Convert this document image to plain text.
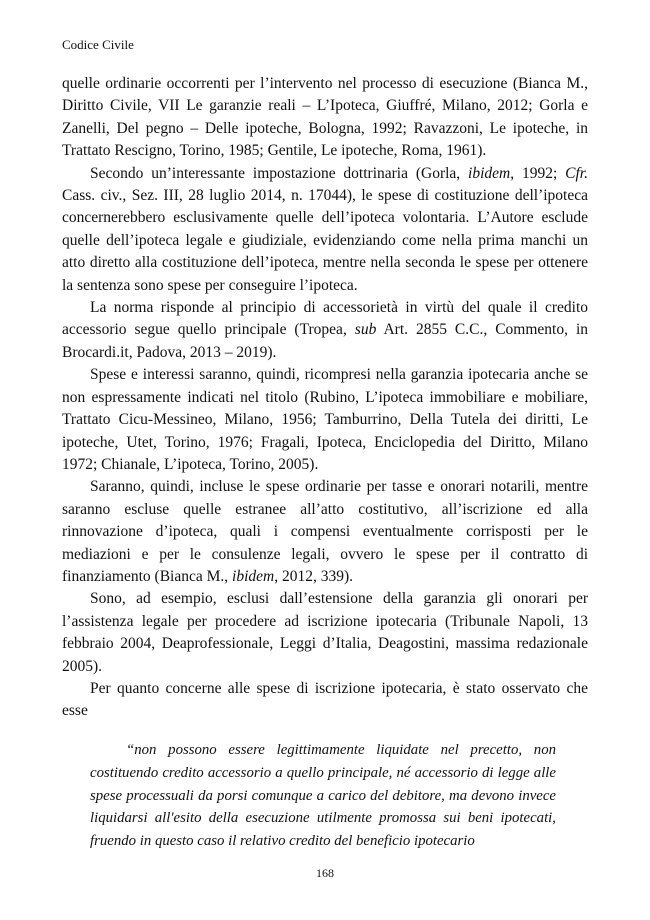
Codice Civile

quelle ordinarie occorrenti per l’intervento nel processo di esecuzione (Bianca M., Diritto Civile, VII Le garanzie reali – L’Ipoteca, Giuffré, Milano, 2012; Gorla e Zanelli, Del pegno – Delle ipoteche, Bologna, 1992; Ravazzoni, Le ipoteche, in Trattato Rescigno, Torino, 1985; Gentile, Le ipoteche, Roma, 1961).

Secondo un’interessante impostazione dottrinaria (Gorla, ibidem, 1992; Cfr. Cass. civ., Sez. III, 28 luglio 2014, n. 17044), le spese di costituzione dell’ipoteca concernerebbero esclusivamente quelle dell’ipoteca volontaria. L’Autore esclude quelle dell’ipoteca legale e giudiziale, evidenziando come nella prima manchi un atto diretto alla costituzione dell’ipoteca, mentre nella seconda le spese per ottenere la sentenza sono spese per conseguire l’ipoteca.

La norma risponde al principio di accessorietà in virtù del quale il credito accessorio segue quello principale (Tropea, sub Art. 2855 C.C., Commento, in Brocardi.it, Padova, 2013 – 2019).

Spese e interessi saranno, quindi, ricompresi nella garanzia ipotecaria anche se non espressamente indicati nel titolo (Rubino, L’ipoteca immobiliare e mobiliare, Trattato Cicu-Messineo, Milano, 1956; Tamburrino, Della Tutela dei diritti, Le ipoteche, Utet, Torino, 1976; Fragali, Ipoteca, Enciclopedia del Diritto, Milano 1972; Chianale, L’ipoteca, Torino, 2005).

Saranno, quindi, incluse le spese ordinarie per tasse e onorari notarili, mentre saranno escluse quelle estranee all’atto costitutivo, all’iscrizione ed alla rinnovazione d’ipoteca, quali i compensi eventualmente corrisposti per le mediazioni e per le consulenze legali, ovvero le spese per il contratto di finanziamento (Bianca M., ibidem, 2012, 339).

Sono, ad esempio, esclusi dall’estensione della garanzia gli onorari per l’assistenza legale per procedere ad iscrizione ipotecaria (Tribunale Napoli, 13 febbraio 2004, Deaprofessionale, Leggi d’Italia, Deagostini, massima redazionale 2005).

Per quanto concerne alle spese di iscrizione ipotecaria, è stato osservato che esse

“non possono essere legittimamente liquidate nel precetto, non costituendo credito accessorio a quello principale, né accessorio di legge alle spese processuali da porsi comunque a carico del debitore, ma devono invece liquidarsi all'esito della esecuzione utilmente promossa sui beni ipotecati, fruendo in questo caso il relativo credito del beneficio ipotecario

168
